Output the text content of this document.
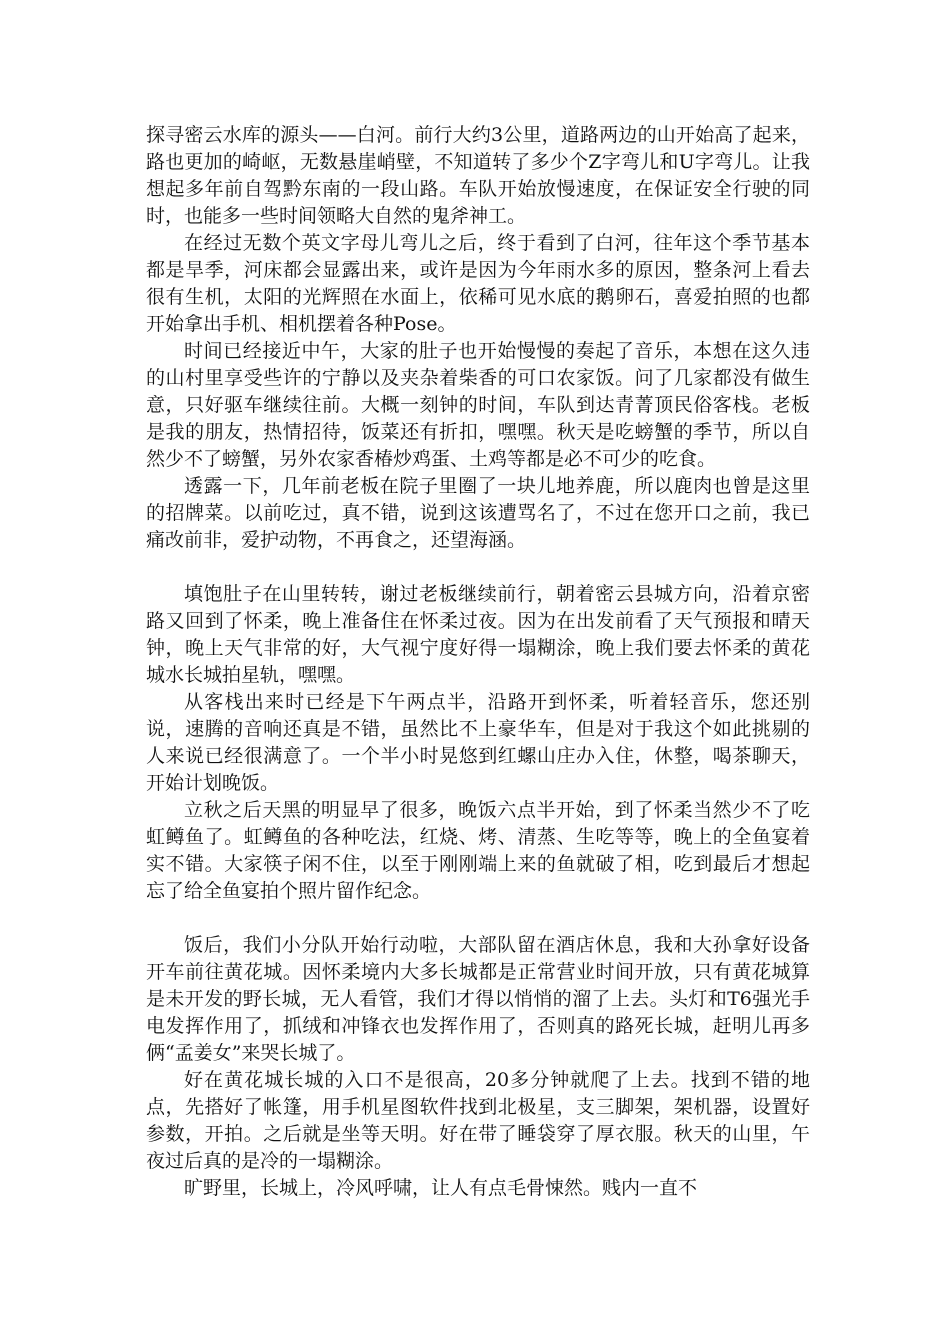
探寻密云水库的源头——白河。前行大约3公里，道路两边的山开始高了起来，路也更加的崎岖，无数悬崖峭壁，不知道转了多少个Z字弯儿和U字弯儿。让我想起多年前自驾黔东南的一段山路。车队开始放慢速度，在保证安全行驶的同时，也能多一些时间领略大自然的鬼斧神工。

在经过无数个英文字母儿弯儿之后，终于看到了白河，往年这个季节基本都是旱季，河床都会显露出来，或许是因为今年雨水多的原因，整条河上看去很有生机，太阳的光辉照在水面上，依稀可见水底的鹅卵石，喜爱拍照的也都开始拿出手机、相机摆着各种Pose。

时间已经接近中午，大家的肚子也开始慢慢的奏起了音乐，本想在这久违的山村里享受些许的宁静以及夹杂着柴香的可口农家饭。问了几家都没有做生意，只好驱车继续往前。大概一刻钟的时间，车队到达青菁顶民俗客栈。老板是我的朋友，热情招待，饭菜还有折扣，嘿嘿。秋天是吃螃蟹的季节，所以自然少不了螃蟹，另外农家香椿炒鸡蛋、土鸡等都是必不可少的吃食。

透露一下，几年前老板在院子里圈了一块儿地养鹿，所以鹿肉也曾是这里的招牌菜。以前吃过，真不错，说到这该遭骂名了，不过在您开口之前，我已痛改前非，爱护动物，不再食之，还望海涵。

填饱肚子在山里转转，谢过老板继续前行，朝着密云县城方向，沿着京密路又回到了怀柔，晚上准备住在怀柔过夜。因为在出发前看了天气预报和晴天钟，晚上天气非常的好，大气视宁度好得一塌糊涂，晚上我们要去怀柔的黄花城水长城拍星轨，嘿嘿。

从客栈出来时已经是下午两点半，沿路开到怀柔，听着轻音乐，您还别说，速腾的音响还真是不错，虽然比不上豪华车，但是对于我这个如此挑剔的人来说已经很满意了。一个半小时晃悠到红螺山庄办入住，休整，喝茶聊天，开始计划晚饭。

立秋之后天黑的明显早了很多，晚饭六点半开始，到了怀柔当然少不了吃虹鳟鱼了。虹鳟鱼的各种吃法，红烧、烤、清蒸、生吃等等，晚上的全鱼宴着实不错。大家筷子闲不住，以至于刚刚端上来的鱼就破了相，吃到最后才想起忘了给全鱼宴拍个照片留作纪念。

饭后，我们小分队开始行动啦，大部队留在酒店休息，我和大孙拿好设备开车前往黄花城。因怀柔境内大多长城都是正常营业时间开放，只有黄花城算是未开发的野长城，无人看管，我们才得以悄悄的溜了上去。头灯和T6强光手电发挥作用了，抓绒和冲锋衣也发挥作用了，否则真的路死长城，赶明儿再多俩“孟姜女”来哭长城了。

好在黄花城长城的入口不是很高，20多分钟就爬了上去。找到不错的地点，先搭好了帐篷，用手机星图软件找到北极星，支三脚架，架机器，设置好参数，开拍。之后就是坐等天明。好在带了睡袋穿了厚衣服。秋天的山里，午夜过后真的是冷的一塌糊涂。

旷野里，长城上，冷风呼啸，让人有点毛骨悚然。贱内一直不
